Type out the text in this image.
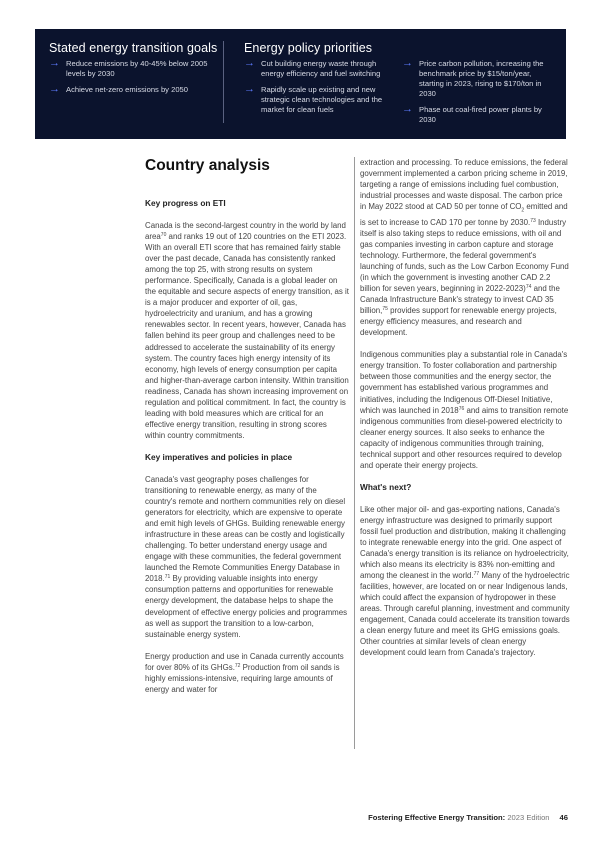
Stated energy transition goals
→ Reduce emissions by 40-45% below 2005 levels by 2030
→ Achieve net-zero emissions by 2050
Energy policy priorities
→ Cut building energy waste through energy efficiency and fuel switching
→ Rapidly scale up existing and new strategic clean technologies and the market for clean fuels
→ Price carbon pollution, increasing the benchmark price by $15/ton/year, starting in 2023, rising to $170/ton in 2030
→ Phase out coal-fired power plants by 2030
Country analysis
Key progress on ETI

Canada is the second-largest country in the world by land area$^{70}$ and ranks 19 out of 120 countries on the ETI 2023. With an overall ETI score that has remained fairly stable over the past decade, Canada has consistently ranked among the top 25, with strong results on system performance. Specifically, Canada is a global leader on the equitable and secure aspects of energy transition, as it is a major producer and exporter of oil, gas, hydroelectricity and uranium, and has a growing renewables sector. In recent years, however, Canada has fallen behind its peer group and challenges need to be addressed to accelerate the sustainability of its energy system. The country faces high energy intensity of its economy, high levels of energy consumption per capita and higher-than-average carbon intensity. Within transition readiness, Canada has shown increasing improvement on regulation and political commitment. In fact, the country is leading with bold measures which are critical for an effective energy transition, resulting in strong scores within country commitments.

Key imperatives and policies in place

Canada's vast geography poses challenges for transitioning to renewable energy, as many of the country's remote and northern communities rely on diesel generators for electricity, which are expensive to operate and emit high levels of GHGs. Building renewable energy infrastructure in these areas can be costly and logistically challenging. To better understand energy usage and engage with these communities, the federal government launched the Remote Communities Energy Database in 2018.71 By providing valuable insights into energy consumption patterns and opportunities for renewable energy development, the database helps to shape the development of effective energy policies and programmes as well as support the transition to a low-carbon, sustainable energy system.

Energy production and use in Canada currently accounts for over 80% of its GHGs.$^{72}$ Production from oil sands is highly emissions-intensive, requiring large amounts of energy and water for

extraction and processing. To reduce emissions, the federal government implemented a carbon pricing scheme in 2019, targeting a range of emissions including fuel combustion, industrial processes and waste disposal. The carbon price in May 2022 stood at CAD 50 per tonne of $CO_2$ emitted and is set to increase to CAD 170 per tonne by 2030.73 Industry itself is also taking steps to reduce emissions, with oil and gas companies investing in carbon capture and storage technology. Furthermore, the federal government's launching of funds, such as the Low Carbon Economy Fund (in which the government is investing another CAD 2.2 billion for seven years, beginning in 2022-2023)$^{74}$ and the Canada Infrastructure Bank's strategy to invest CAD 35 billion,$^{75}$ provides support for renewable energy projects, energy efficiency measures, and research and development.

Indigenous communities play a substantial role in Canada's energy transition. To foster collaboration and partnership between those communities and the energy sector, the government has established various programmes and initiatives, including the Indigenous Off-Diesel Initiative, which was launched in 2018$^{76}$ and aims to transition remote indigenous communities from diesel-powered electricity to cleaner energy sources. It also seeks to enhance the capacity of indigenous communities through training, technical support and other resources required to develop and operate their energy projects.

What's next?

Like other major oil- and gas-exporting nations, Canada's energy infrastructure was designed to primarily support fossil fuel production and distribution, making it challenging to integrate renewable energy into the grid. One aspect of Canada's energy transition is its reliance on hydroelectricity, which also means its electricity is 83% non-emitting and among the cleanest in the world.$^{77}$ Many of the hydroelectric facilities, however, are located on or near Indigenous lands, which could affect the expansion of hydropower in these areas. Through careful planning, investment and community engagement, Canada could accelerate its transition towards a clean energy future and meet its GHG emissions goals. Other countries at similar levels of clean energy development could learn from Canada's trajectory.

Fostering Effective Energy Transition: 2023 Edition 46
